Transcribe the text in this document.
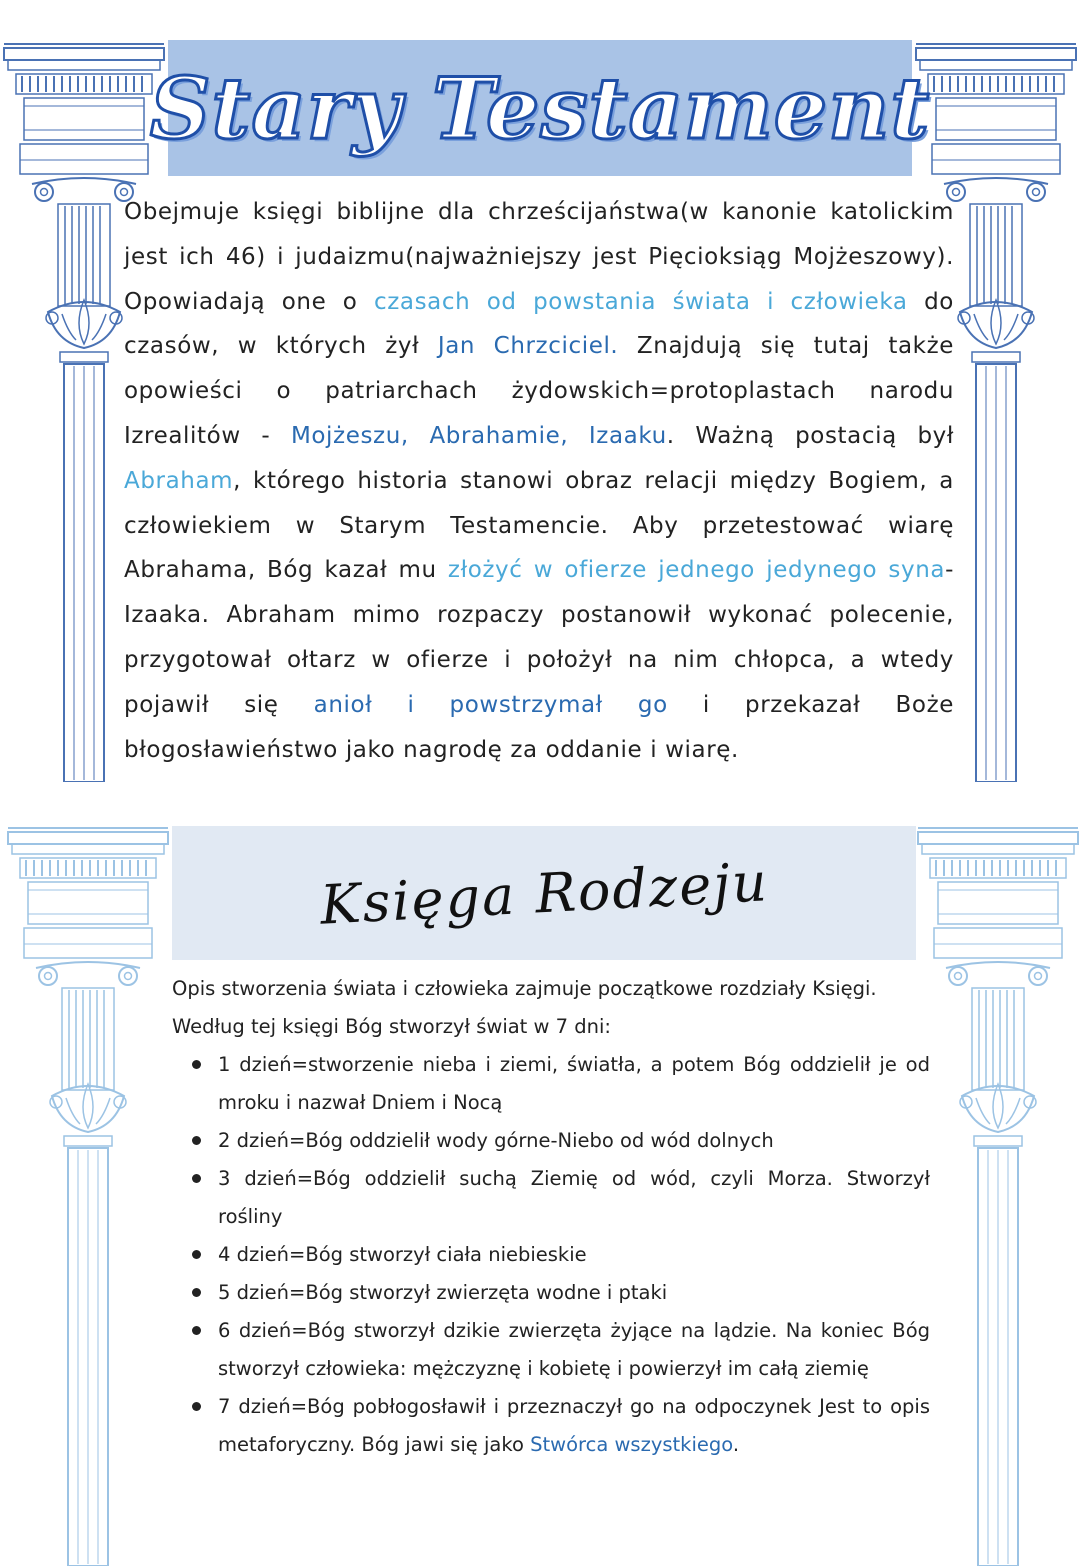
Stary Testament

Obejmuje księgi biblijne dla chrześcijaństwa(w kanonie katolickim jest ich 46) i judaizmu(najważniejszy jest Pięcioksiąg Mojżeszowy). Opowiadają one o czasach od powstania świata i człowieka do czasów, w których żył Jan Chrzciciel. Znajdują się tutaj także opowieści o patriarchach żydowskich=protoplastach narodu Izrealitów - Mojżeszu, Abrahamie, Izaaku. Ważną postacią był Abraham, którego historia stanowi obraz relacji między Bogiem, a człowiekiem w Starym Testamencie. Aby przetestować wiarę Abrahama, Bóg kazał mu złożyć w ofierze jednego jedynego syna- Izaaka. Abraham mimo rozpaczy postanowił wykonać polecenie, przygotował ołtarz w ofierze i położył na nim chłopca, a wtedy pojawił się anioł i powstrzymał go i przekazał Boże błogosławieństwo jako nagrodę za oddanie i wiarę.

Księga Rodzeju

Opis stworzenia świata i człowieka zajmuje początkowe rozdziały Księgi.

Według tej księgi Bóg stworzył świat w 7 dni:

1 dzień=stworzenie nieba i ziemi, światła, a potem Bóg oddzielił je od mroku i nazwał Dniem i Nocą
2 dzień=Bóg oddzielił wody górne-Niebo od wód dolnych
3 dzień=Bóg oddzielił suchą Ziemię od wód, czyli Morza. Stworzył rośliny
4 dzień=Bóg stworzył ciała niebieskie
5 dzień=Bóg stworzył zwierzęta wodne i ptaki
6 dzień=Bóg stworzył dzikie zwierzęta żyjące na lądzie. Na koniec Bóg stworzył człowieka: mężczyznę i kobietę i powierzył im całą ziemię
7 dzień=Bóg pobłogosławił i przeznaczył go na odpoczynek Jest to opis metaforyczny. Bóg jawi się jako Stwórca wszystkiego.
